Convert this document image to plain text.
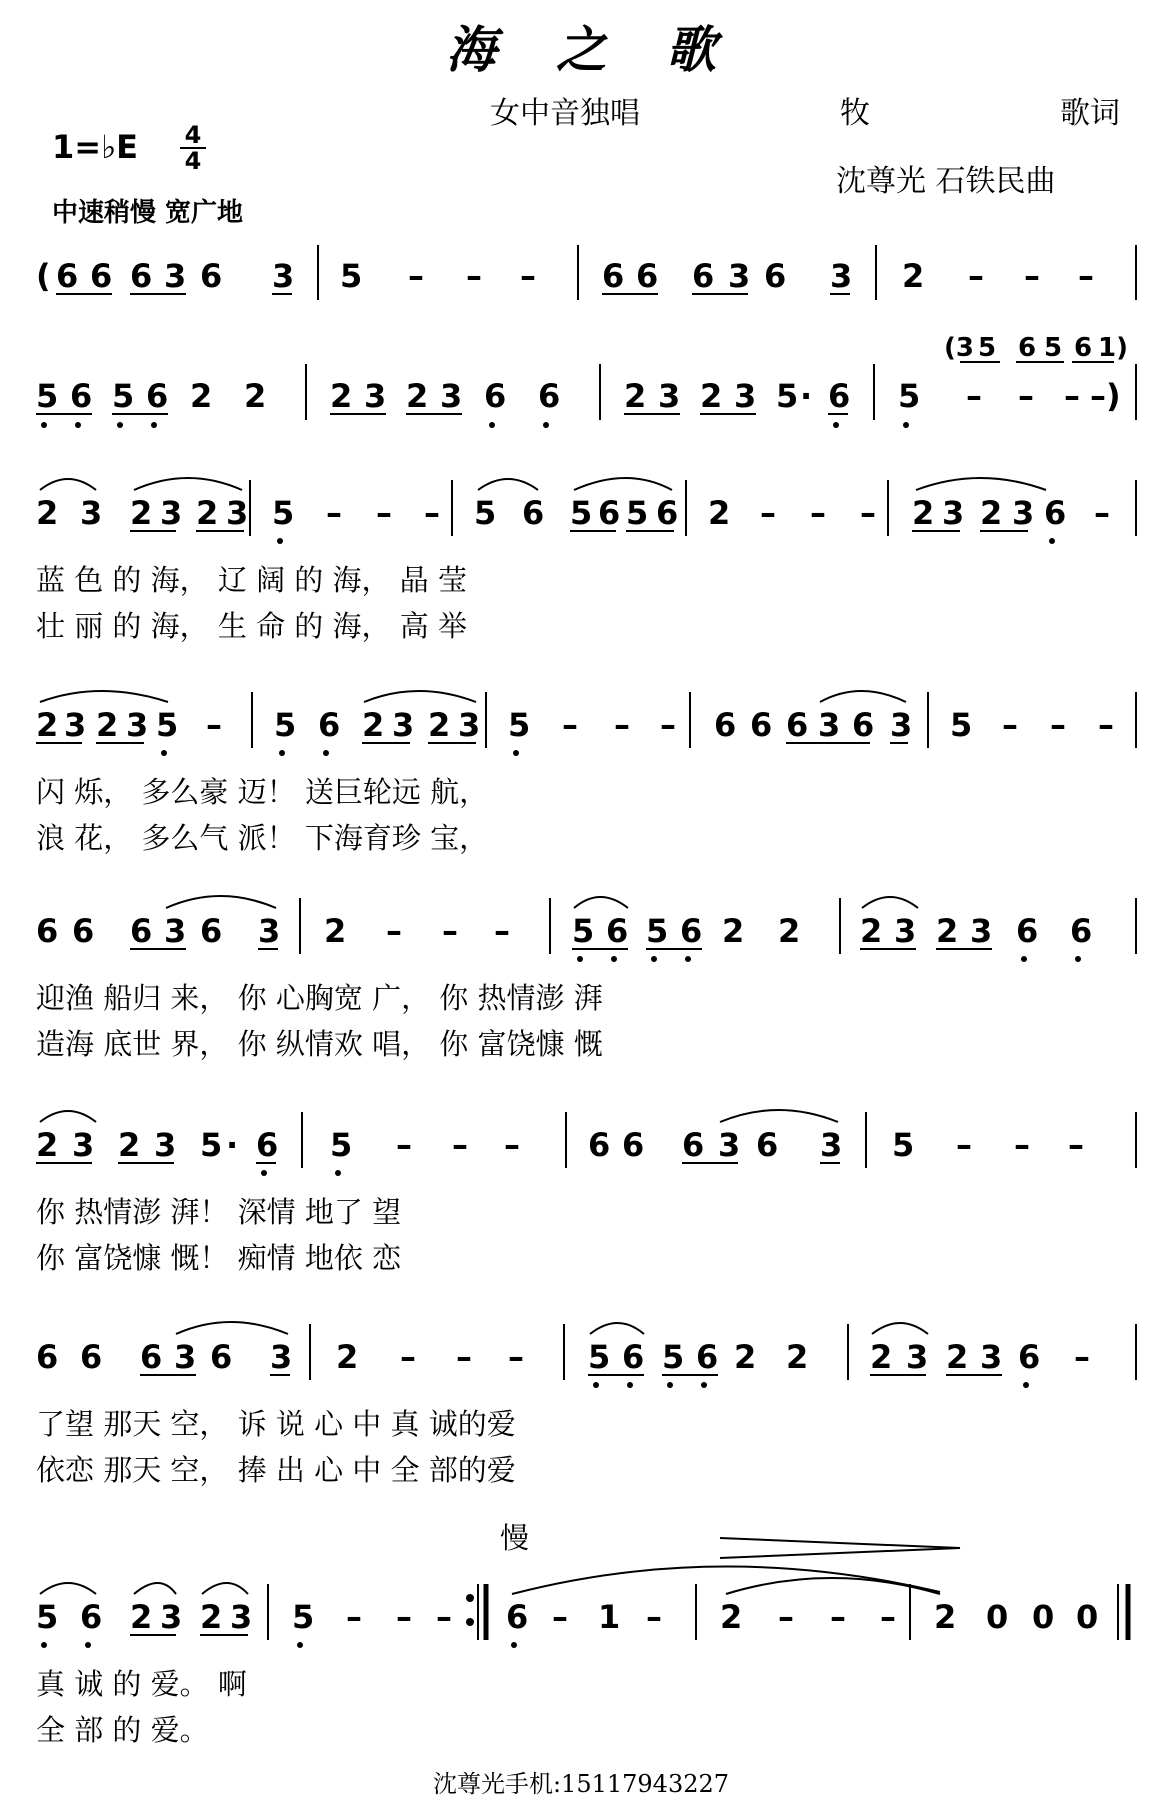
海之歌
女中音独唱	牧	歌词
沈尊光 石铁民曲
1=♭E 4
4
中速稍慢 宽广地
( 6 6 6 3 6 3 5 – – – 6 6 6 3 6 3 2 – – –
(3 5 6 5 6 1)
5 6 5 6 2 2 2 3 2 3 6 6 2 3 2 3 5 · 6 5 – – – –)
2 3 2 3 2 3 5 – – – 5 6 5 6 5 6 2 – – – 2 3 2 3 6 –
蓝 色 的 海， 辽 阔 的 海， 晶 莹
壮 丽 的 海， 生 命 的 海， 高 举
2 3 2 3 5 – 5 6 2 3 2 3 5 – – – 6 6 6 3 6 3 5 – – –
闪 烁， 多么豪 迈！ 送巨轮远 航，
浪 花， 多么气 派！ 下海育珍 宝，
6 6 6 3 6 3 2 – – – 5 6 5 6 2 2 2 3 2 3 6 6
迎渔 船归 来， 你 心胸宽 广， 你 热情澎 湃
造海 底世 界， 你 纵情欢 唱， 你 富饶慷 慨
2 3 2 3 5 · 6 5 – – – 6 6 6 3 6 3 5 – – –
你 热情澎 湃！ 深情 地了 望
你 富饶慷 慨！ 痴情 地依 恋
6 6 6 3 6 3 2 – – – 5 6 5 6 2 2 2 3 2 3 6 –
了望 那天 空， 诉 说 心 中 真 诚的爱
依恋 那天 空， 捧 出 心 中 全 部的爱
慢
5 6 2 3 2 3 5 – – – 6 – 1 – 2 – – – 2 0 0 0
真 诚 的 爱。 啊
全 部 的 爱。
沈尊光手机:15117943227
